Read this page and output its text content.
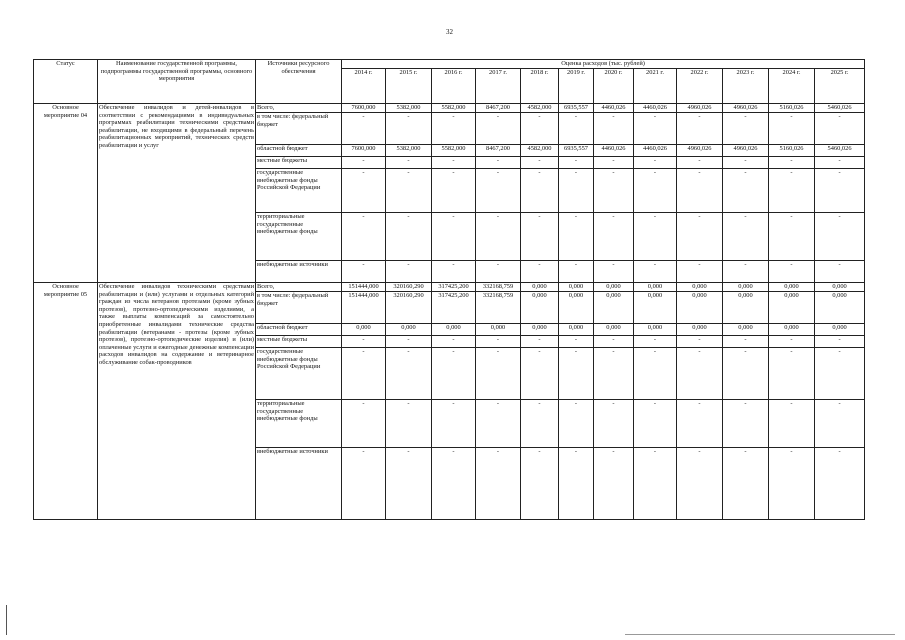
32
Статус	Наименование государственной программы, подпрограммы государственной программы, основного мероприятия	Источники ресурсного обеспечения	Оценка расходов (тыс. рублей)											
			2014 г.	2015 г.	2016 г.	2017 г.	2018 г.	2019 г.	2020 г.	2021 г.	2022 г.	2023 г.	2024 г.	2025 г.
Основное мероприятие 04	Обеспечение инвалидов и детей-инвалидов в соответствии с рекомендациями в индивидуальных программах реабилитации техническими средствами реабилитации, не входящими в федеральный перечень реабилитационных мероприятий, технических средств реабилитации и услуг	Всего,	7600,000	5382,000	5582,000	8467,200	4582,000	6935,557	4460,026	4460,026	4960,026	4960,026	5160,026	5460,026
		в том числе: федеральный бюджет	-	-	-	-	-	-	-	-	-	-	-	-
		областной бюджет	7600,000	5382,000	5582,000	8467,200	4582,000	6935,557	4460,026	4460,026	4960,026	4960,026	5160,026	5460,026
		местные бюджеты	-	-	-	-	-	-	-	-	-	-	-	-
		государственные внебюджетные фонды Российской Федерации	-	-	-	-	-	-	-	-	-	-	-	-
		территориальные государственные внебюджетные фонды	-	-	-	-	-	-	-	-	-	-	-	-
		внебюджетные источники	-	-	-	-	-	-	-	-	-	-	-	-
Основное мероприятие 05	Обеспечение инвалидов техническими средствами реабилитации и (или) услугами и отдельных категорий граждан из числа ветеранов протезами (кроме зубных протезов), протезно-ортопедическими изделиями, а также выплаты компенсаций за самостоятельно приобретенные инвалидами технические средства реабилитации (ветеранами - протезы (кроме зубных протезов), протезно-ортопедические изделия) и (или) оплаченные услуги и ежегодные денежные компенсации расходов инвалидов на содержание и ветеринарное обслуживание собак-проводников	Всего,	151444,000	320160,290	317425,200	332168,759	0,000	0,000	0,000	0,000	0,000	0,000	0,000	0,000
		в том числе: федеральный бюджет	151444,000	320160,290	317425,200	332168,759	0,000	0,000	0,000	0,000	0,000	0,000	0,000	0,000
		областной бюджет	0,000	0,000	0,000	0,000	0,000	0,000	0,000	0,000	0,000	0,000	0,000	0,000
		местные бюджеты	-	-	-	-	-	-	-	-	-	-	-	-
		государственные внебюджетные фонды Российской Федерации	-	-	-	-	-	-	-	-	-	-	-	-
		территориальные государственные внебюджетные фонды	-	-	-	-	-	-	-	-	-	-	-	-
		внебюджетные источники	-	-	-	-	-	-	-	-	-	-	-	-
